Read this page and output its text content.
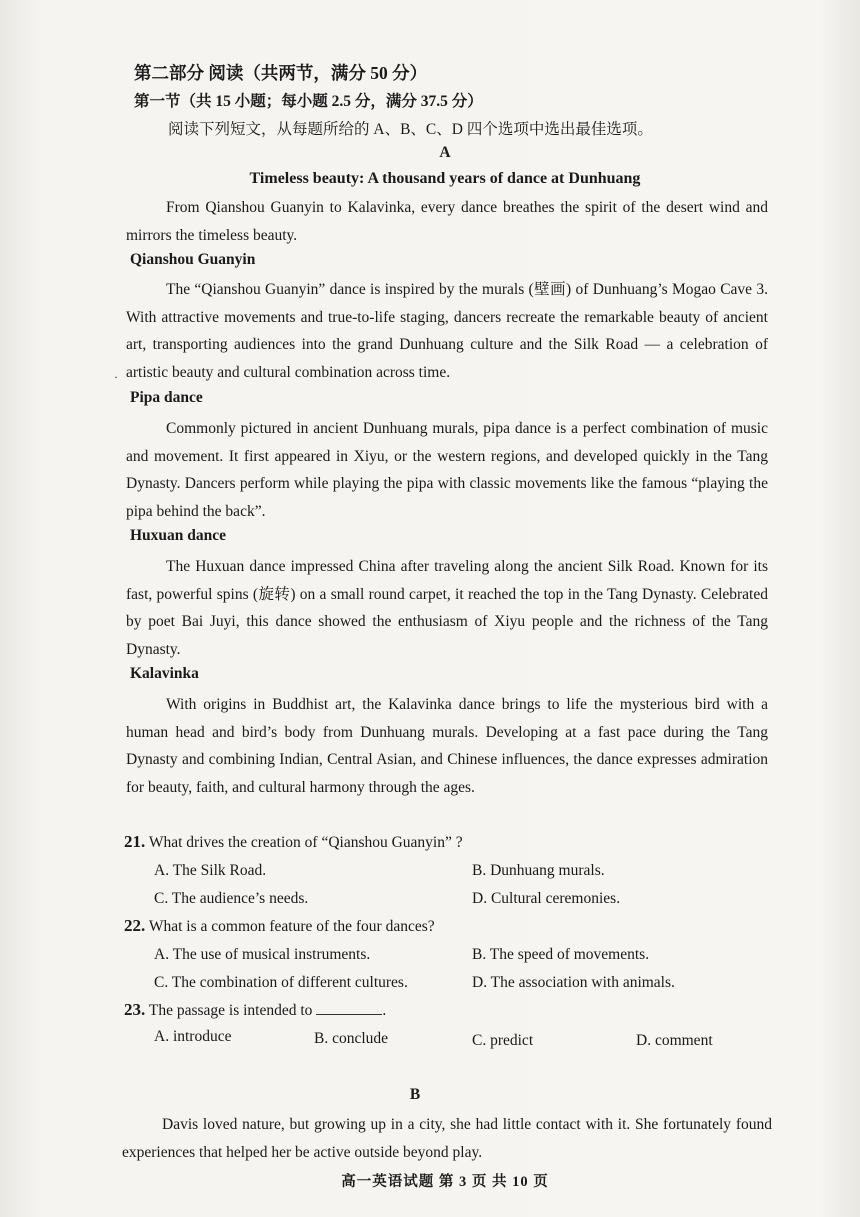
第二部分 阅读（共两节，满分 50 分）
第一节（共 15 小题；每小题 2.5 分，满分 37.5 分）
阅读下列短文，从每题所给的 A、B、C、D 四个选项中选出最佳选项。
A
Timeless beauty: A thousand years of dance at Dunhuang

From Qianshou Guanyin to Kalavinka, every dance breathes the spirit of the desert wind and mirrors the timeless beauty.

Qianshou Guanyin

The “Qianshou Guanyin” dance is inspired by the murals (壁画) of Dunhuang’s Mogao Cave 3. With attractive movements and true-to-life staging, dancers recreate the remarkable beauty of ancient art, transporting audiences into the grand Dunhuang culture and the Silk Road — a celebration of artistic beauty and cultural combination across time.

·
Pipa dance

Commonly pictured in ancient Dunhuang murals, pipa dance is a perfect combination of music and movement. It first appeared in Xiyu, or the western regions, and developed quickly in the Tang Dynasty. Dancers perform while playing the pipa with classic movements like the famous “playing the pipa behind the back”.

Huxuan dance

The Huxuan dance impressed China after traveling along the ancient Silk Road. Known for its fast, powerful spins (旋转) on a small round carpet, it reached the top in the Tang Dynasty. Celebrated by poet Bai Juyi, this dance showed the enthusiasm of Xiyu people and the richness of the Tang Dynasty.

Kalavinka

With origins in Buddhist art, the Kalavinka dance brings to life the mysterious bird with a human head and bird’s body from Dunhuang murals. Developing at a fast pace during the Tang Dynasty and combining Indian, Central Asian, and Chinese influences, the dance expresses admiration for beauty, faith, and cultural harmony through the ages.

21. What drives the creation of “Qianshou Guanyin” ?
A. The Silk Road.	B. Dunhuang murals.
C. The audience’s needs.	D. Cultural ceremonies.
22. What is a common feature of the four dances?
A. The use of musical instruments.	B. The speed of movements.
C. The combination of different cultures.	D. The association with animals.
23. The passage is intended to	.
A. introduce	B. conclude	C. predict	D. comment
B

Davis loved nature, but growing up in a city, she had little contact with it. She fortunately found experiences that helped her be active outside beyond play.

高一英语试题 第 3 页 共 10 页
